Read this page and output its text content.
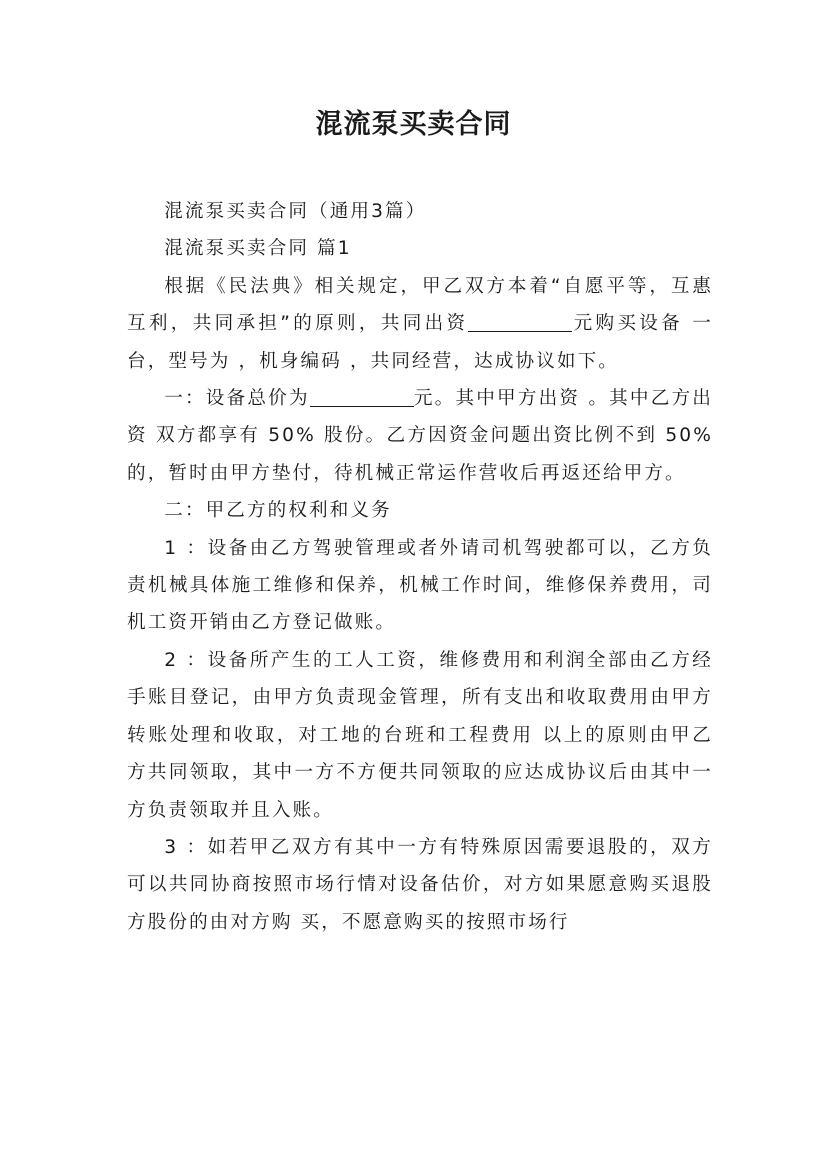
混流泵买卖合同

混流泵买卖合同（通用3篇）

混流泵买卖合同 篇1

根据《民法典》相关规定，甲乙双方本着“自愿平等，互惠互利，共同承担”的原则，共同出资	元购买设备 一台，型号为 ，机身编码 ，共同经营，达成协议如下。

一：设备总价为	元。其中甲方出资 。其中乙方出资 双方都享有 50% 股份。乙方因资金问题出资比例不到 50% 的，暂时由甲方垫付，待机械正常运作营收后再返还给甲方。

二：甲乙方的权利和义务

1 ：设备由乙方驾驶管理或者外请司机驾驶都可以，乙方负责机械具体施工维修和保养，机械工作时间，维修保养费用，司机工资开销由乙方登记做账。

2 ：设备所产生的工人工资，维修费用和利润全部由乙方经手账目登记，由甲方负责现金管理，所有支出和收取费用由甲方转账处理和收取，对工地的台班和工程费用 以上的原则由甲乙方共同领取，其中一方不方便共同领取的应达成协议后由其中一方负责领取并且入账。

3 ：如若甲乙双方有其中一方有特殊原因需要退股的，双方可以共同协商按照市场行情对设备估价，对方如果愿意购买退股方股份的由对方购 买，不愿意购买的按照市场行
